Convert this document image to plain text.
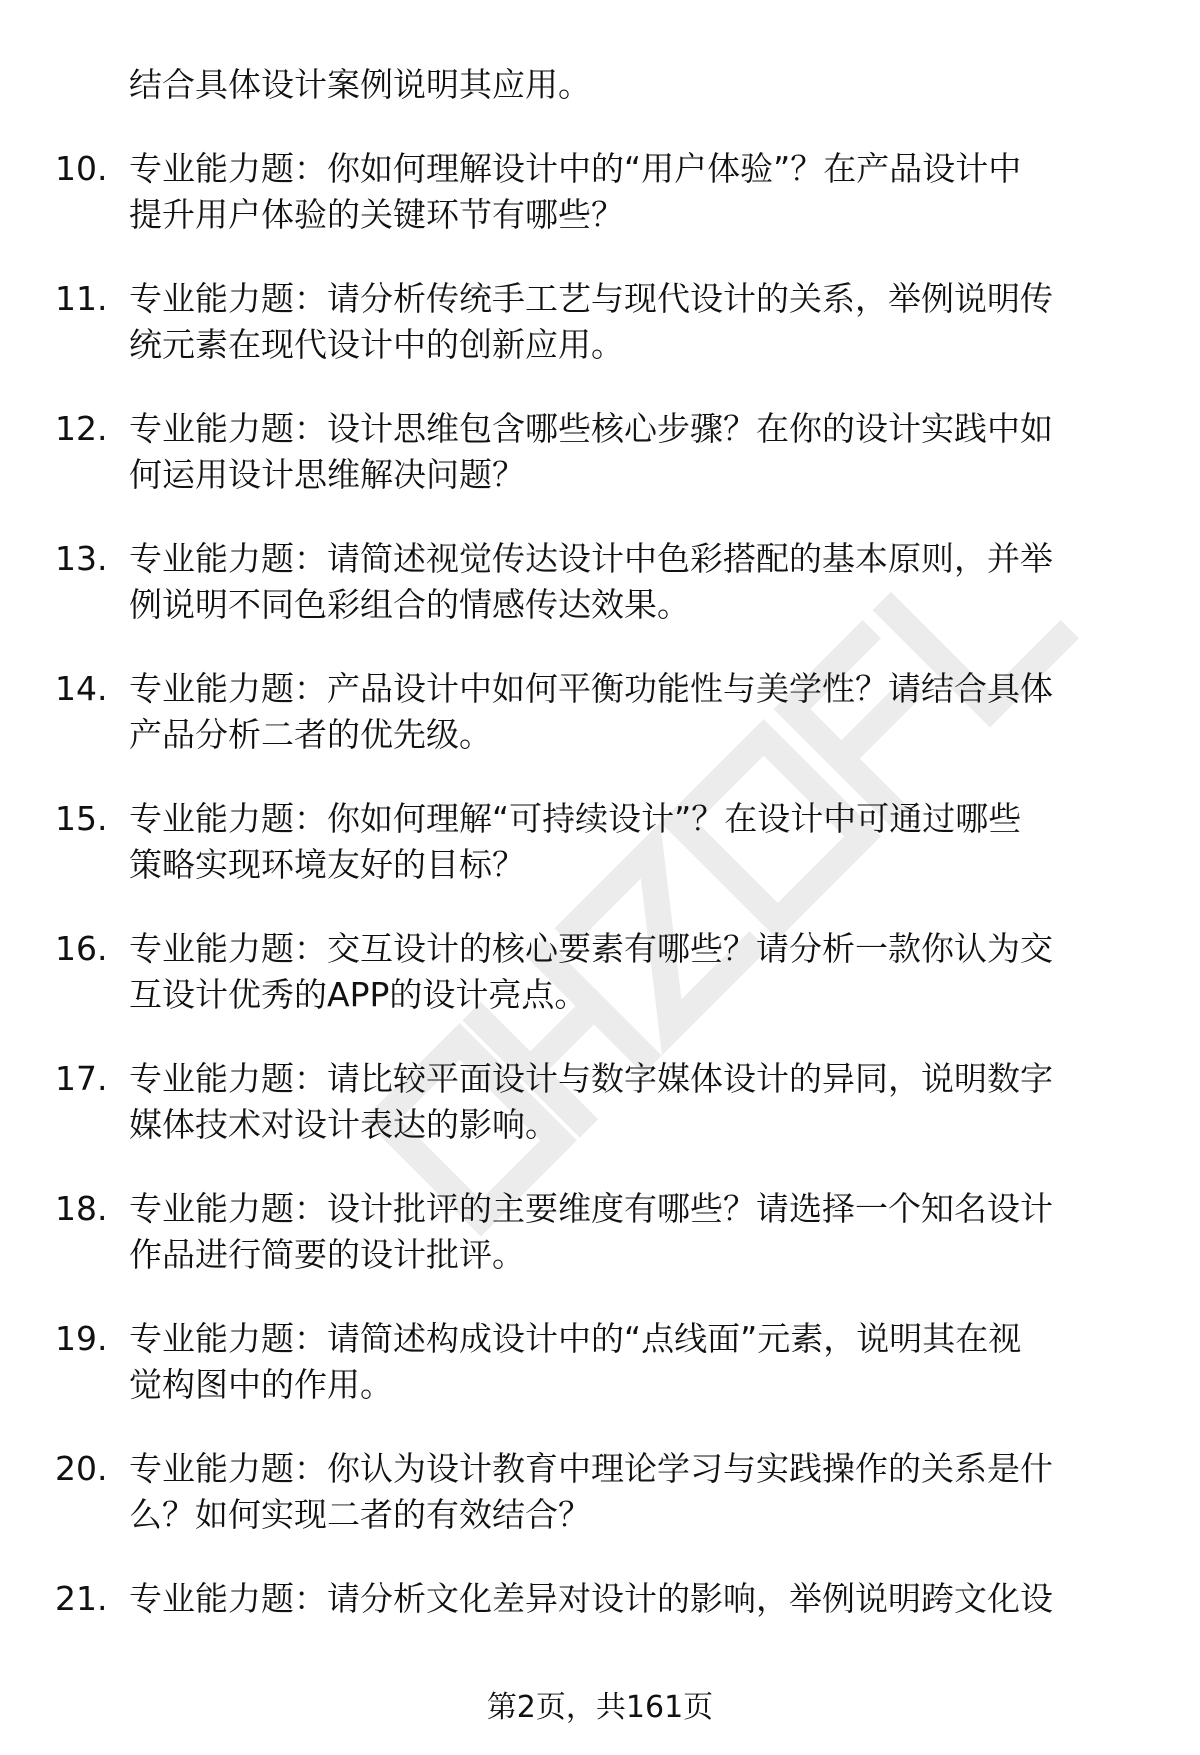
结合具体设计案例说明其应用。
10. 专业能力题：你如何理解设计中的“用户体验”？在产品设计中
提升用户体验的关键环节有哪些？
11. 专业能力题：请分析传统手工艺与现代设计的关系，举例说明传
统元素在现代设计中的创新应用。
12. 专业能力题：设计思维包含哪些核心步骤？在你的设计实践中如
何运用设计思维解决问题？
13. 专业能力题：请简述视觉传达设计中色彩搭配的基本原则，并举
例说明不同色彩组合的情感传达效果。
14. 专业能力题：产品设计中如何平衡功能性与美学性？请结合具体
产品分析二者的优先级。
15. 专业能力题：你如何理解“可持续设计”？在设计中可通过哪些
策略实现环境友好的目标？
16. 专业能力题：交互设计的核心要素有哪些？请分析一款你认为交
互设计优秀的APP的设计亮点。
17. 专业能力题：请比较平面设计与数字媒体设计的异同，说明数字
媒体技术对设计表达的影响。
18. 专业能力题：设计批评的主要维度有哪些？请选择一个知名设计
作品进行简要的设计批评。
19. 专业能力题：请简述构成设计中的“点线面”元素，说明其在视
觉构图中的作用。
20. 专业能力题：你认为设计教育中理论学习与实践操作的关系是什
么？如何实现二者的有效结合？
21. 专业能力题：请分析文化差异对设计的影响，举例说明跨文化设
第2页，共161页
